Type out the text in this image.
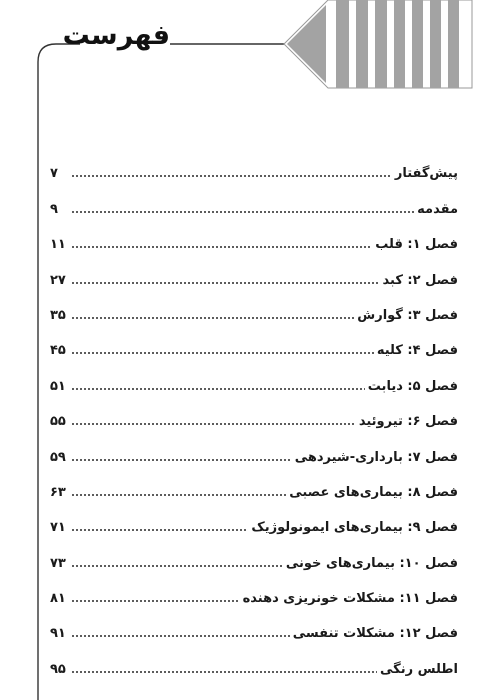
فهرست
پیش‌گفتار
۷
مقدمه
۹
فصل ۱: قلب
۱۱
فصل ۲: کبد
۲۷
فصل ۳: گوارش
۳۵
فصل ۴: کلیه
۴۵
فصل ۵: دیابت
۵۱
فصل ۶: تیروئید
۵۵
فصل ۷: بارداری-شیردهی
۵۹
فصل ۸: بیماری‌های عصبی
۶۳
فصل ۹: بیماری‌های ایمونولوژیک
۷۱
فصل ۱۰: بیماری‌های خونی
۷۳
فصل ۱۱: مشکلات خونریزی دهنده
۸۱
فصل ۱۲: مشکلات تنفسی
۹۱
اطلس رنگی
۹۵
